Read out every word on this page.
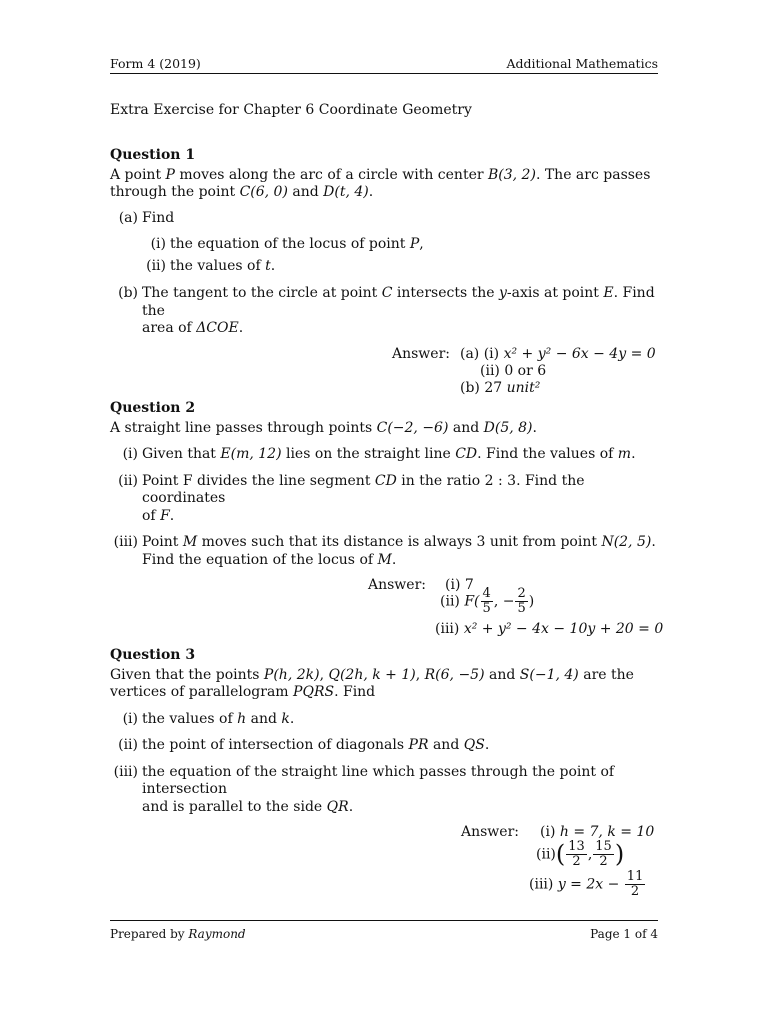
Form 4 (2019)	Additional Mathematics
Extra Exercise for Chapter 6 Coordinate Geometry
Question 1
A point P moves along the arc of a circle with center B(3, 2). The arc passes
through the point C(6, 0) and D(t, 4).
(a) Find
(i) the equation of the locus of point P,
(ii) the values of t.
(b) The tangent to the circle at point C intersects the y-axis at point E. Find the
area of ΔCOE.
Answer: (a) (i) x² + y² − 6x − 4y = 0
(ii) 0 or 6
(b) 27 unit²
Question 2
A straight line passes through points C(−2, −6) and D(5, 8).
(i) Given that E(m, 12) lies on the straight line CD. Find the values of m.
(ii) Point F divides the line segment CD in the ratio 2 : 3. Find the coordinates
of F.
(iii) Point M moves such that its distance is always 3 unit from point N(2, 5).
Find the equation of the locus of M.
Answer: (i) 7
(ii) $F( \frac{4}{5}$ , − $\frac{2}{5}$ )
(iii) x² + y² − 4x − 10y + 20 = 0
Question 3
Given that the points P(h, 2k), Q(2h, k + 1), R(6, −5) and S(−1, 4) are the
vertices of parallelogram PQRS. Find
(i) the values of h and k.
(ii) the point of intersection of diagonals PR and QS.
(iii) the equation of the straight line which passes through the point of intersection
and is parallel to the side QR.
Answer: (i) h = 7, k = 10
$(ii)( \frac{13}{2}$ , $\frac{15}{2}$ )
(iii) $y = 2x - \frac{11}{2}$
Prepared by Raymond	Page 1 of 4
